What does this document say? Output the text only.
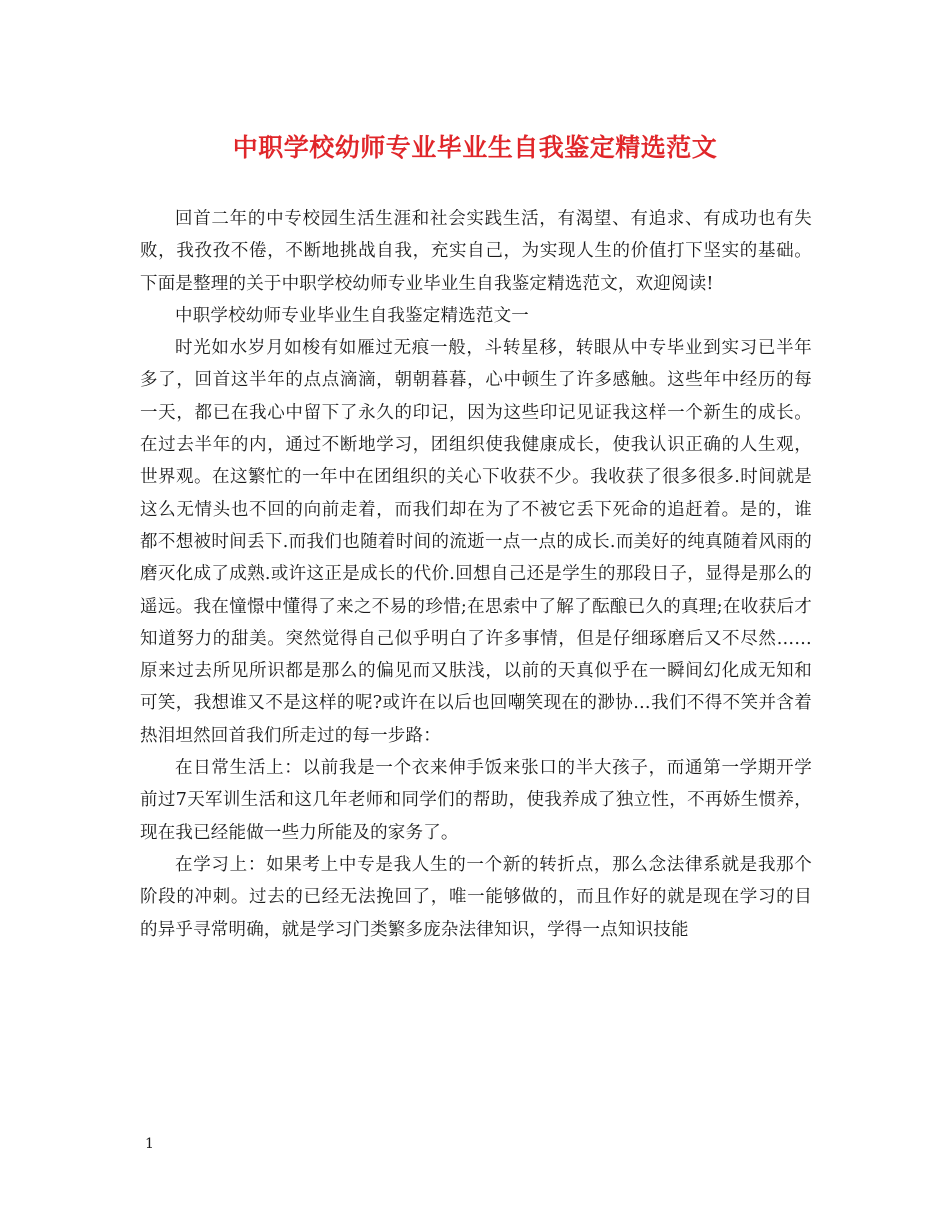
中职学校幼师专业毕业生自我鉴定精选范文

回首二年的中专校园生活生涯和社会实践生活，有渴望、有追求、有成功也有失败，我孜孜不倦，不断地挑战自我，充实自己，为实现人生的价值打下坚实的基础。下面是整理的关于中职学校幼师专业毕业生自我鉴定精选范文，欢迎阅读!

中职学校幼师专业毕业生自我鉴定精选范文一

时光如水岁月如梭有如雁过无痕一般，斗转星移，转眼从中专毕业到实习已半年多了，回首这半年的点点滴滴，朝朝暮暮，心中顿生了许多感触。这些年中经历的每一天，都已在我心中留下了永久的印记，因为这些印记见证我这样一个新生的成长。在过去半年的内，通过不断地学习，团组织使我健康成长，使我认识正确的人生观，世界观。在这繁忙的一年中在团组织的关心下收获不少。我收获了很多很多.时间就是这么无情头也不回的向前走着，而我们却在为了不被它丢下死命的追赶着。是的，谁都不想被时间丢下.而我们也随着时间的流逝一点一点的成长.而美好的纯真随着风雨的磨灭化成了成熟.或许这正是成长的代价.回想自己还是学生的那段日子，显得是那么的遥远。我在憧憬中懂得了来之不易的珍惜;在思索中了解了酝酿已久的真理;在收获后才知道努力的甜美。突然觉得自己似乎明白了许多事情，但是仔细琢磨后又不尽然……原来过去所见所识都是那么的偏见而又肤浅，以前的天真似乎在一瞬间幻化成无知和可笑，我想谁又不是这样的呢?或许在以后也回嘲笑现在的渺协…我们不得不笑并含着热泪坦然回首我们所走过的每一步路：

在日常生活上：以前我是一个衣来伸手饭来张口的半大孩子，而通第一学期开学前过7天军训生活和这几年老师和同学们的帮助，使我养成了独立性，不再娇生惯养，现在我已经能做一些力所能及的家务了。

在学习上：如果考上中专是我人生的一个新的转折点，那么念法律系就是我那个阶段的冲刺。过去的已经无法挽回了，唯一能够做的，而且作好的就是现在学习的目的异乎寻常明确，就是学习门类繁多庞杂法律知识，学得一点知识技能

1
